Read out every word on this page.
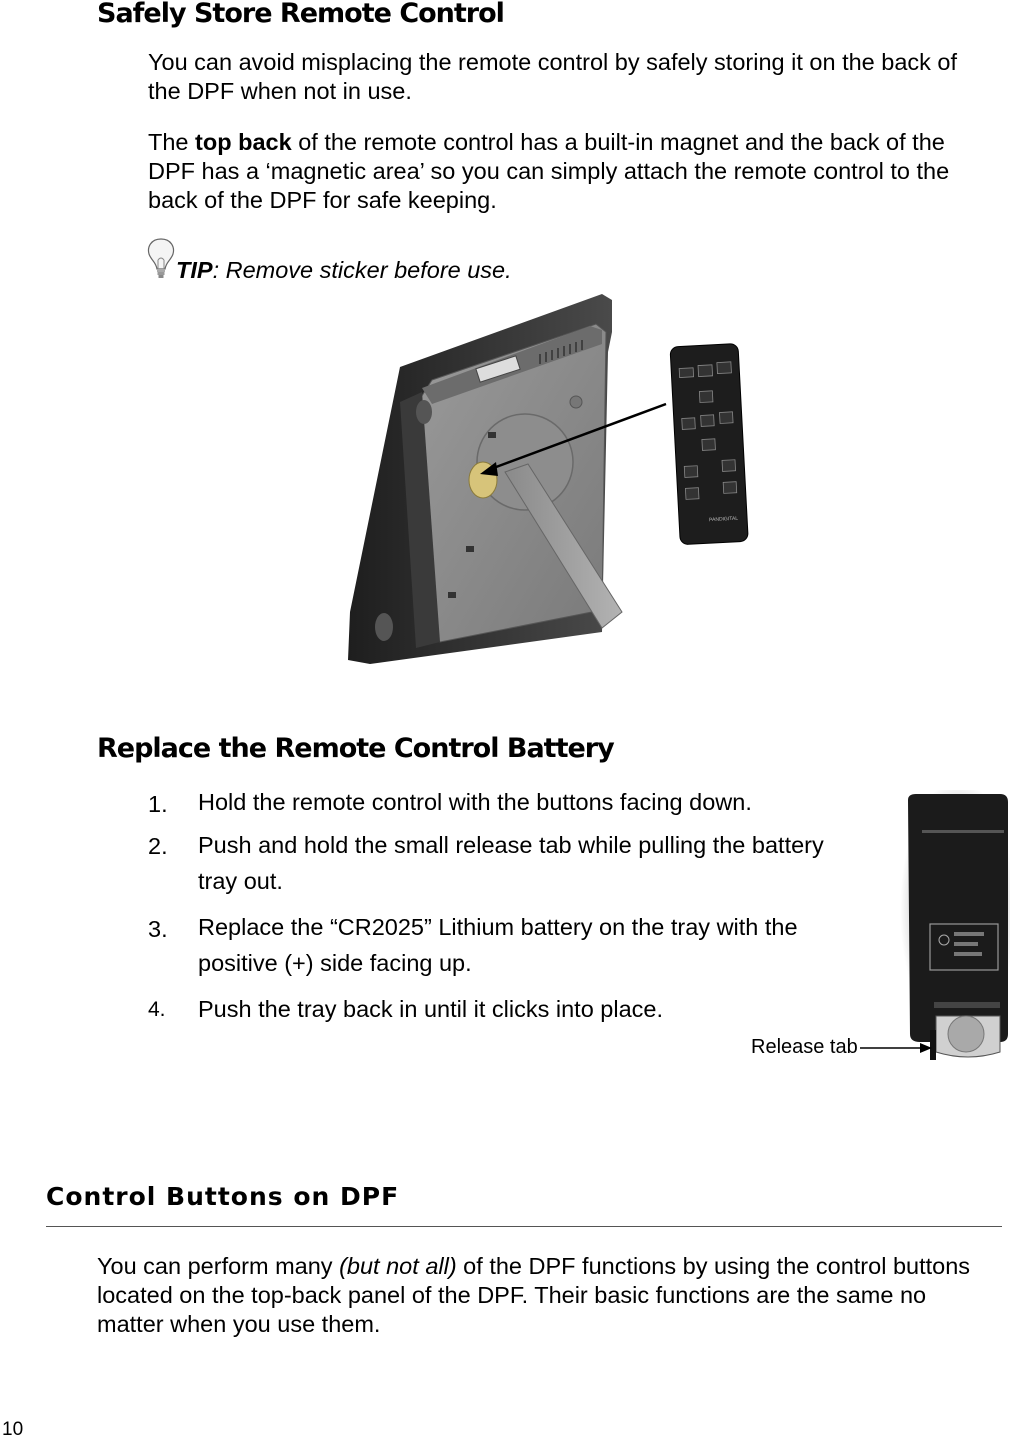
Safely Store Remote Control
You can avoid misplacing the remote control by safely storing it on the back of the DPF when not in use.
The top back of the remote control has a built-in magnet and the back of the DPF has a ‘magnetic area’ so you can simply attach the remote control to the back of the DPF for safe keeping.
TIP: Remove sticker before use.
PANDIGITAL
Replace the Remote Control Battery
1. Hold the remote control with the buttons facing down.
2. Push and hold the small release tab while pulling the battery tray out.
3. Replace the “CR2025” Lithium battery on the tray with the positive (+) side facing up.
4. Push the tray back in until it clicks into place.
Release tab
Control Buttons on DPF
You can perform many (but not all) of the DPF functions by using the control buttons located on the top-back panel of the DPF. Their basic functions are the same no matter when you use them.
10
